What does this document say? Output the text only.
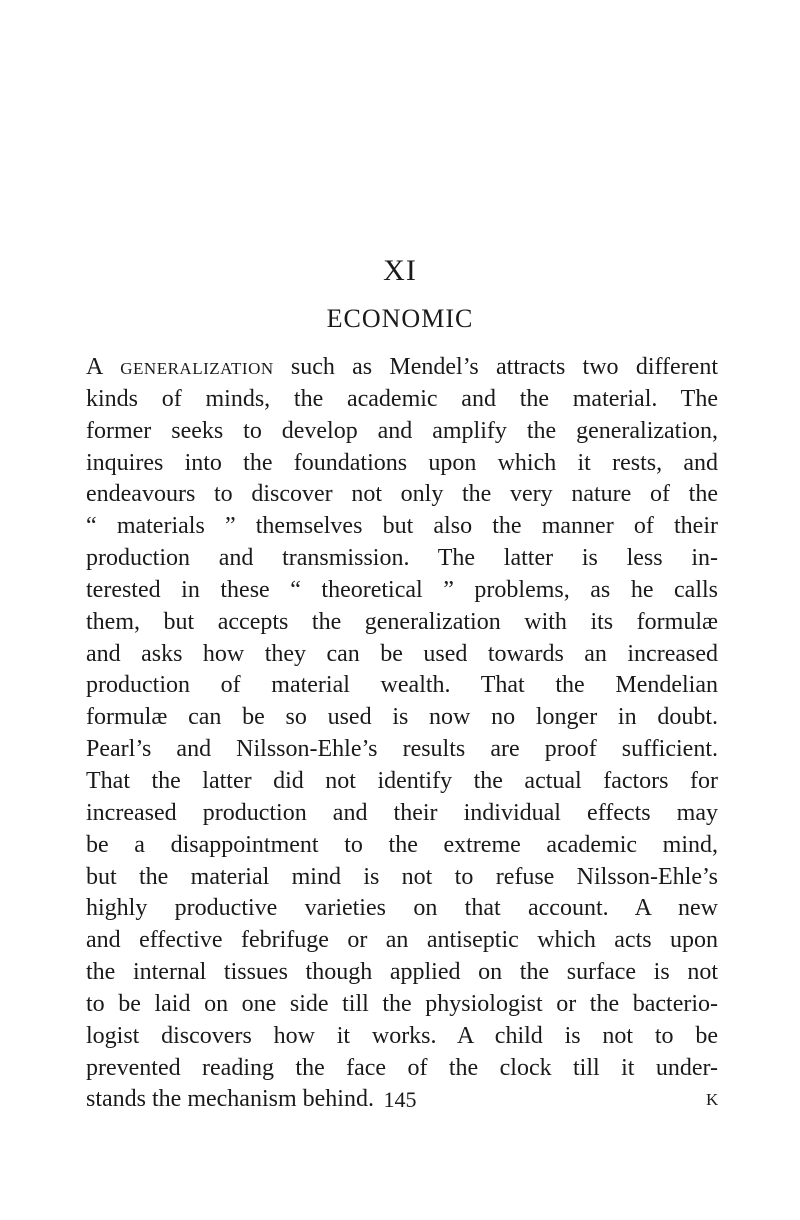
XI
ECONOMIC
A generalization such as Mendel’s attracts two different
kinds of minds, the academic and the material. The
former seeks to develop and amplify the generalization,
inquires into the foundations upon which it rests, and
endeavours to discover not only the very nature of the
“ materials ” themselves but also the manner of their
production and transmission. The latter is less in-
terested in these “ theoretical ” problems, as he calls
them, but accepts the generalization with its formulæ
and asks how they can be used towards an increased
production of material wealth. That the Mendelian
formulæ can be so used is now no longer in doubt.
Pearl’s and Nilsson-Ehle’s results are proof sufficient.
That the latter did not identify the actual factors for
increased production and their individual effects may
be a disappointment to the extreme academic mind,
but the material mind is not to refuse Nilsson-Ehle’s
highly productive varieties on that account. A new
and effective febrifuge or an antiseptic which acts upon
the internal tissues though applied on the surface is not
to be laid on one side till the physiologist or the bacterio-
logist discovers how it works. A child is not to be
prevented reading the face of the clock till it under-
stands the mechanism behind. 145	K
